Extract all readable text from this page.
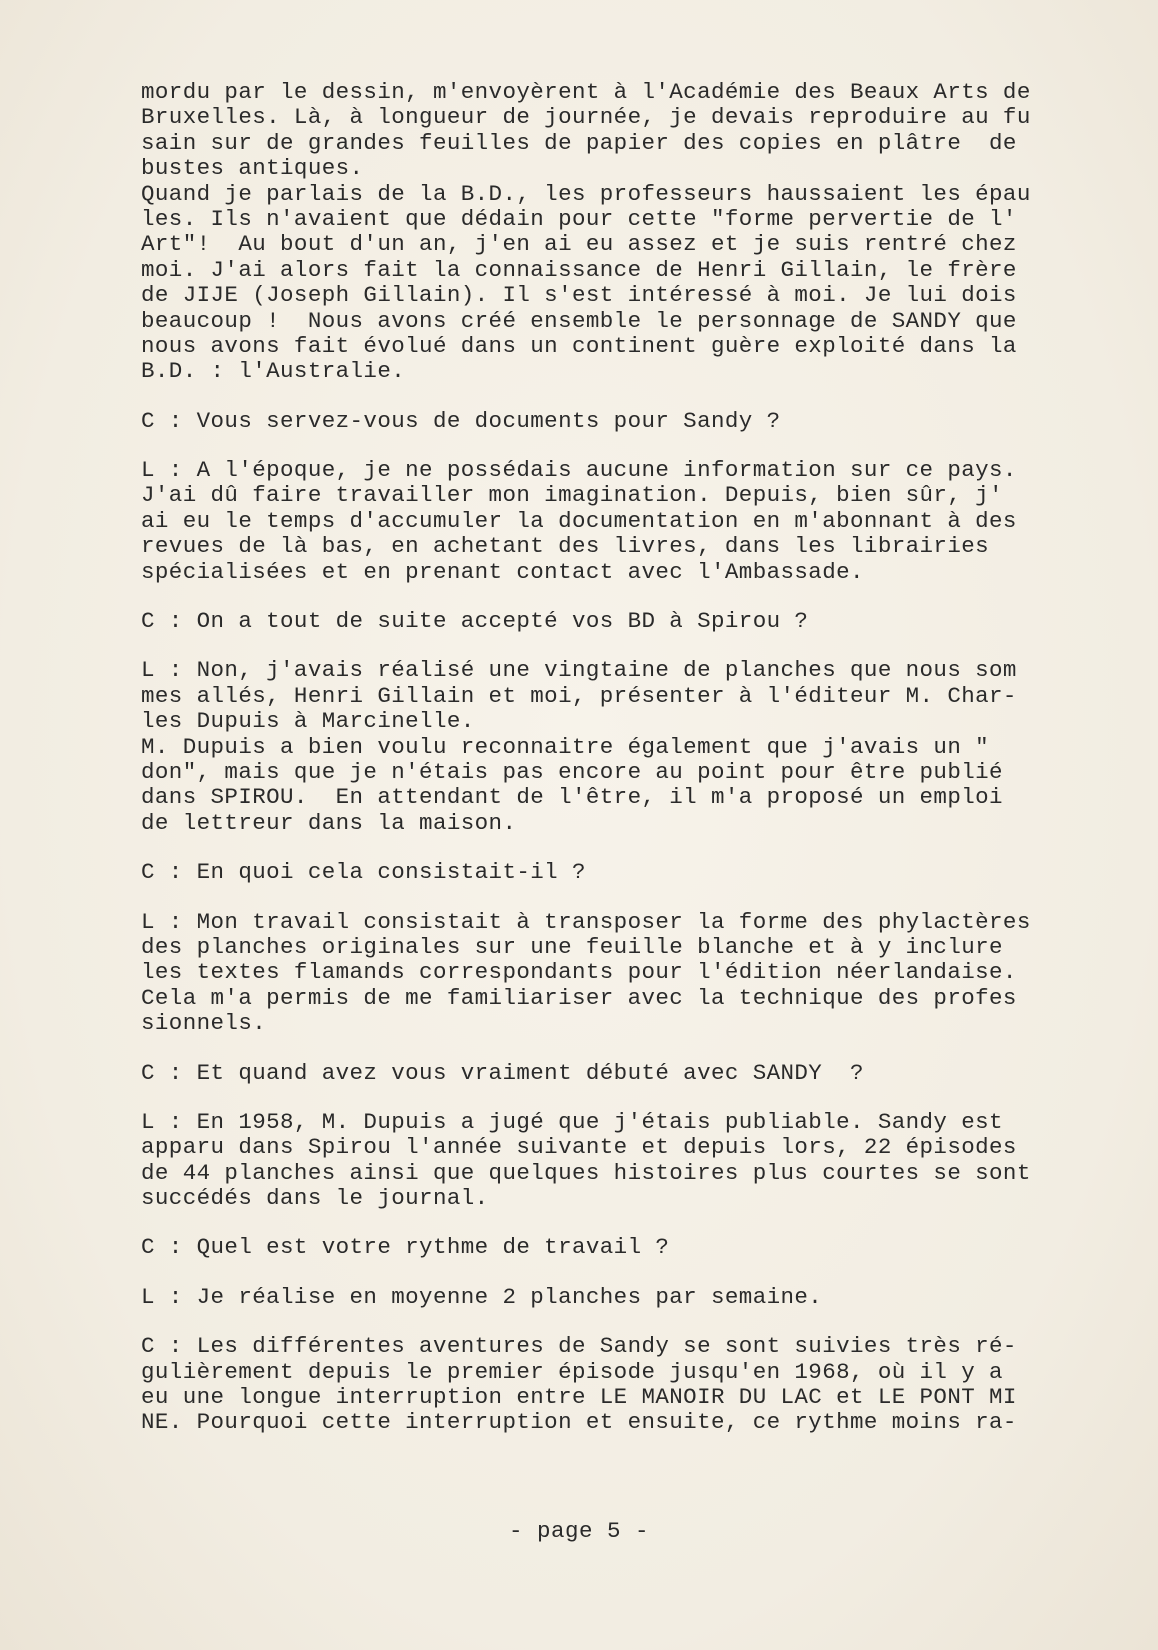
mordu par le dessin, m'envoyèrent à l'Académie des Beaux Arts de
Bruxelles. Là, à longueur de journée, je devais reproduire au fu
sain sur de grandes feuilles de papier des copies en plâtre  de
bustes antiques.
Quand je parlais de la B.D., les professeurs haussaient les épau
les. Ils n'avaient que dédain pour cette "forme pervertie de l'
Art"!  Au bout d'un an, j'en ai eu assez et je suis rentré chez
moi. J'ai alors fait la connaissance de Henri Gillain, le frère
de JIJE (Joseph Gillain). Il s'est intéressé à moi. Je lui dois
beaucoup !  Nous avons créé ensemble le personnage de SANDY que
nous avons fait évolué dans un continent guère exploité dans la
B.D. : l'Australie.
C : Vous servez-vous de documents pour Sandy ?
L : A l'époque, je ne possédais aucune information sur ce pays.
J'ai dû faire travailler mon imagination. Depuis, bien sûr, j'
ai eu le temps d'accumuler la documentation en m'abonnant à des
revues de là bas, en achetant des livres, dans les librairies
spécialisées et en prenant contact avec l'Ambassade.
C : On a tout de suite accepté vos BD à Spirou ?
L : Non, j'avais réalisé une vingtaine de planches que nous som
mes allés, Henri Gillain et moi, présenter à l'éditeur M. Char-
les Dupuis à Marcinelle.
M. Dupuis a bien voulu reconnaitre également que j'avais un "
don", mais que je n'étais pas encore au point pour être publié
dans SPIROU.  En attendant de l'être, il m'a proposé un emploi
de lettreur dans la maison.
C : En quoi cela consistait-il ?
L : Mon travail consistait à transposer la forme des phylactères
des planches originales sur une feuille blanche et à y inclure
les textes flamands correspondants pour l'édition néerlandaise.
Cela m'a permis de me familiariser avec la technique des profes
sionnels.
C : Et quand avez vous vraiment débuté avec SANDY  ?
L : En 1958, M. Dupuis a jugé que j'étais publiable. Sandy est
apparu dans Spirou l'année suivante et depuis lors, 22 épisodes
de 44 planches ainsi que quelques histoires plus courtes se sont
succédés dans le journal.
C : Quel est votre rythme de travail ?
L : Je réalise en moyenne 2 planches par semaine.
C : Les différentes aventures de Sandy se sont suivies très ré-
gulièrement depuis le premier épisode jusqu'en 1968, où il y a
eu une longue interruption entre LE MANOIR DU LAC et LE PONT MI
NE. Pourquoi cette interruption et ensuite, ce rythme moins ra-
- page 5 -
